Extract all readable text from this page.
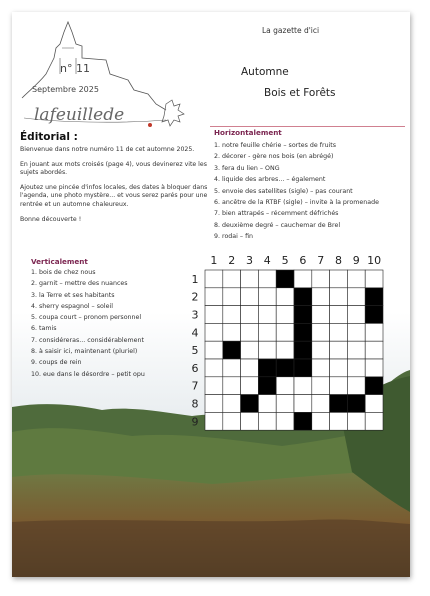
lafeuillede
La gazette d'ici
n° 11
Septembre 2025
Automne
Bois et Forêts
Éditorial :

Bienvenue dans notre numéro 11 de cet automne 2025.

En jouant aux mots croisés (page 4), vous devinerez vite les sujets abordés.

Ajoutez une pincée d'infos locales, des dates à bloquer dans l'agenda, une photo mystère... et vous serez parés pour une rentrée et un automne chaleureux.

Bonne découverte !

Horizontalement
1. notre feuille chérie – sortes de fruits
2. décorer - gère nos bois (en abrégé)
3. fera du lien – ONG
4. liquide des arbres... – également
5. envoie des satellites (sigle) – pas courant
6. ancêtre de la RTBF (sigle) – invite à la promenade
7. bien attrapés – récemment défrichés
8. deuxième degré – cauchemar de Brel
9. rodai – fin
Verticalement
1. bois de chez nous
2. garnit – mettre des nuances
3. la Terre et ses habitants
4. sherry espagnol – soleil
5. coupa court – pronom personnel
6. tamis
7. considéreras... considérablement
8. à saisir ici, maintenant (pluriel)
9. coups de rein
10. eue dans le désordre – petit opu
1 2 3 4 5 6 7 8 9 10
1
2
3
4
5
6
7
8
9
